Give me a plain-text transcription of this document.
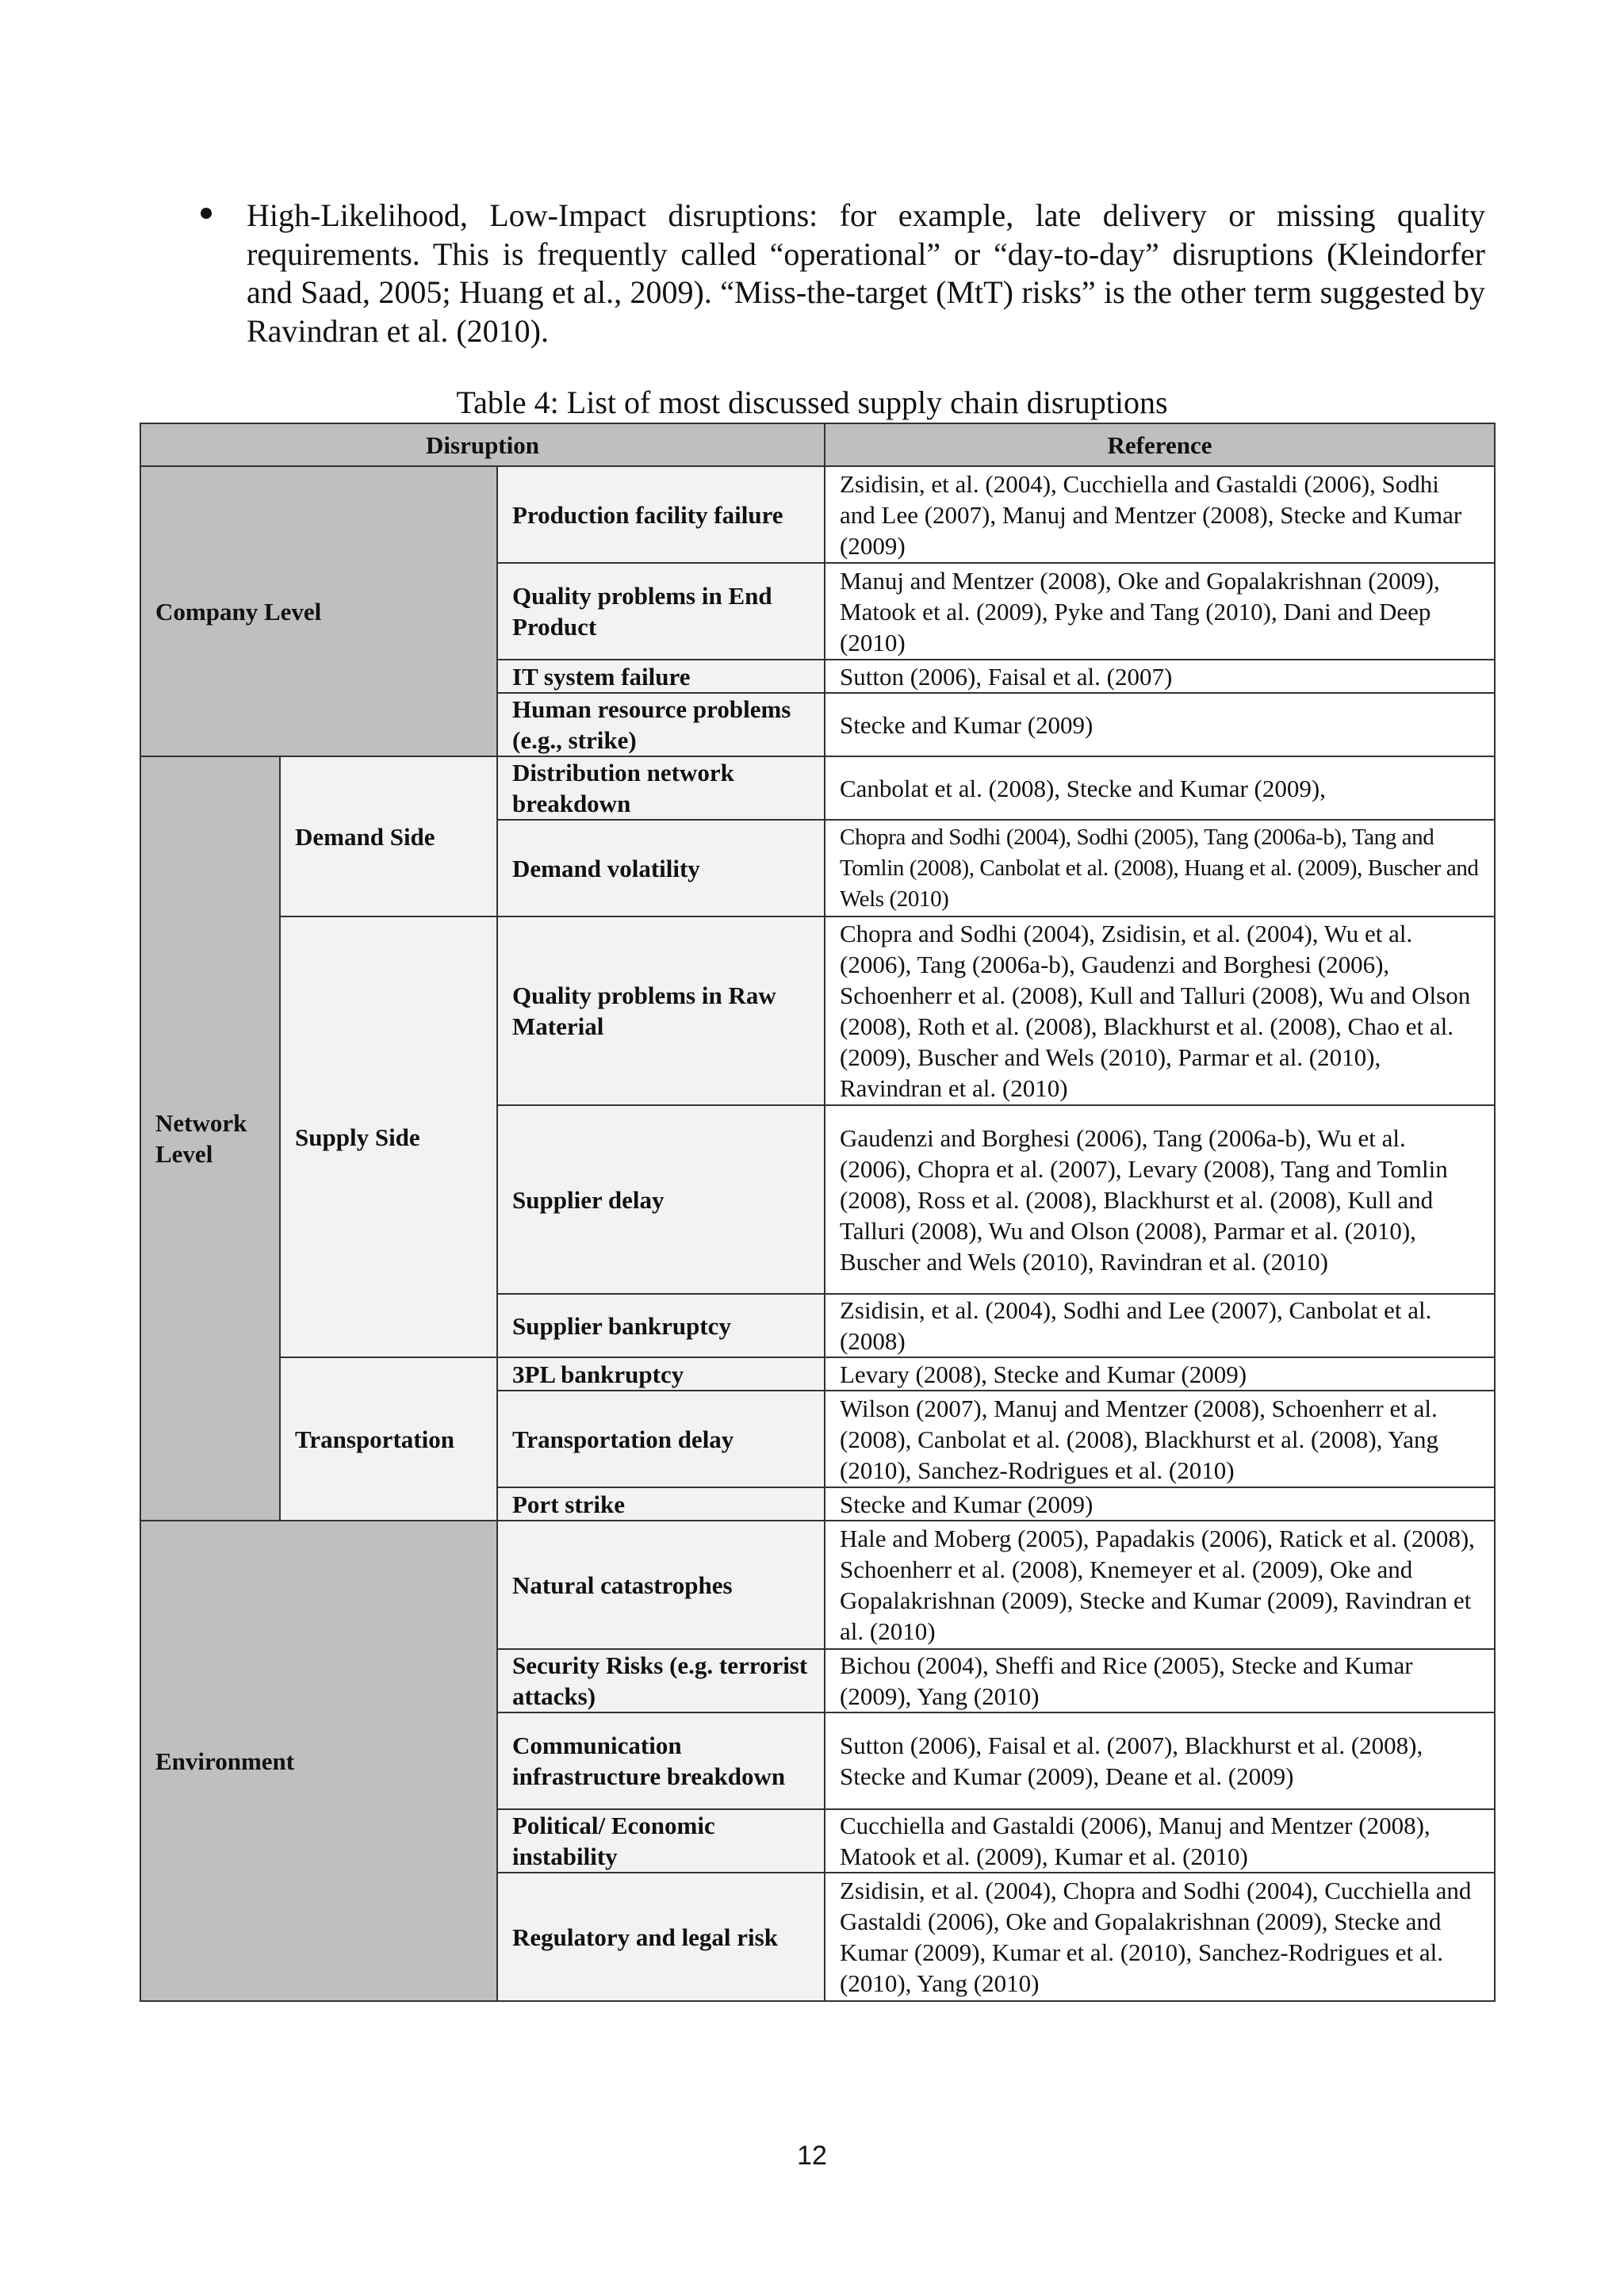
High-Likelihood, Low-Impact disruptions: for example, late delivery or missing quality requirements. This is frequently called “operational” or “day-to-day” disruptions (Kleindorfer and Saad, 2005; Huang et al., 2009). “Miss-the-target (MtT) risks” is the other term suggested by Ravindran et al. (2010).
Table 4: List of most discussed supply chain disruptions
Disruption			Reference
Company Level		Production facility failure	Zsidisin, et al. (2004), Cucchiella and Gastaldi (2006), Sodhi and Lee (2007), Manuj and Mentzer (2008), Stecke and Kumar (2009)
		Quality problems in End Product	Manuj and Mentzer (2008), Oke and Gopalakrishnan (2009), Matook et al. (2009), Pyke and Tang (2010), Dani and Deep (2010)
		IT system failure	Sutton (2006), Faisal et al. (2007)
		Human resource problems (e.g., strike)	Stecke and Kumar (2009)
Network Level	Demand Side	Distribution network breakdown	Canbolat et al. (2008), Stecke and Kumar (2009),
		Demand volatility	Chopra and Sodhi (2004), Sodhi (2005), Tang (2006a-b), Tang and Tomlin (2008), Canbolat et al. (2008), Huang et al. (2009), Buscher and Wels (2010)
	Supply Side	Quality problems in Raw Material	Chopra and Sodhi (2004), Zsidisin, et al. (2004), Wu et al. (2006), Tang (2006a-b), Gaudenzi and Borghesi (2006), Schoenherr et al. (2008), Kull and Talluri (2008), Wu and Olson (2008), Roth et al. (2008), Blackhurst et al. (2008), Chao et al. (2009), Buscher and Wels (2010), Parmar et al. (2010), Ravindran et al. (2010)
		Supplier delay	Gaudenzi and Borghesi (2006), Tang (2006a-b), Wu et al. (2006), Chopra et al. (2007), Levary (2008), Tang and Tomlin (2008), Ross et al. (2008), Blackhurst et al. (2008), Kull and Talluri (2008), Wu and Olson (2008), Parmar et al. (2010), Buscher and Wels (2010), Ravindran et al. (2010)
		Supplier bankruptcy	Zsidisin, et al. (2004), Sodhi and Lee (2007), Canbolat et al. (2008)
	Transportation	3PL bankruptcy	Levary (2008), Stecke and Kumar (2009)
		Transportation delay	Wilson (2007), Manuj and Mentzer (2008), Schoenherr et al. (2008), Canbolat et al. (2008), Blackhurst et al. (2008), Yang (2010), Sanchez-Rodrigues et al. (2010)
		Port strike	Stecke and Kumar (2009)
Environment		Natural catastrophes	Hale and Moberg (2005), Papadakis (2006), Ratick et al. (2008), Schoenherr et al. (2008), Knemeyer et al. (2009), Oke and Gopalakrishnan (2009), Stecke and Kumar (2009), Ravindran et al. (2010)
		Security Risks (e.g. terrorist attacks)	Bichou (2004), Sheffi and Rice (2005), Stecke and Kumar (2009), Yang (2010)
		Communication infrastructure breakdown	Sutton (2006), Faisal et al. (2007), Blackhurst et al. (2008), Stecke and Kumar (2009), Deane et al. (2009)
		Political/ Economic instability	Cucchiella and Gastaldi (2006), Manuj and Mentzer (2008), Matook et al. (2009), Kumar et al. (2010)
		Regulatory and legal risk	Zsidisin, et al. (2004), Chopra and Sodhi (2004), Cucchiella and Gastaldi (2006), Oke and Gopalakrishnan (2009), Stecke and Kumar (2009), Kumar et al. (2010), Sanchez-Rodrigues et al. (2010), Yang (2010)
12
